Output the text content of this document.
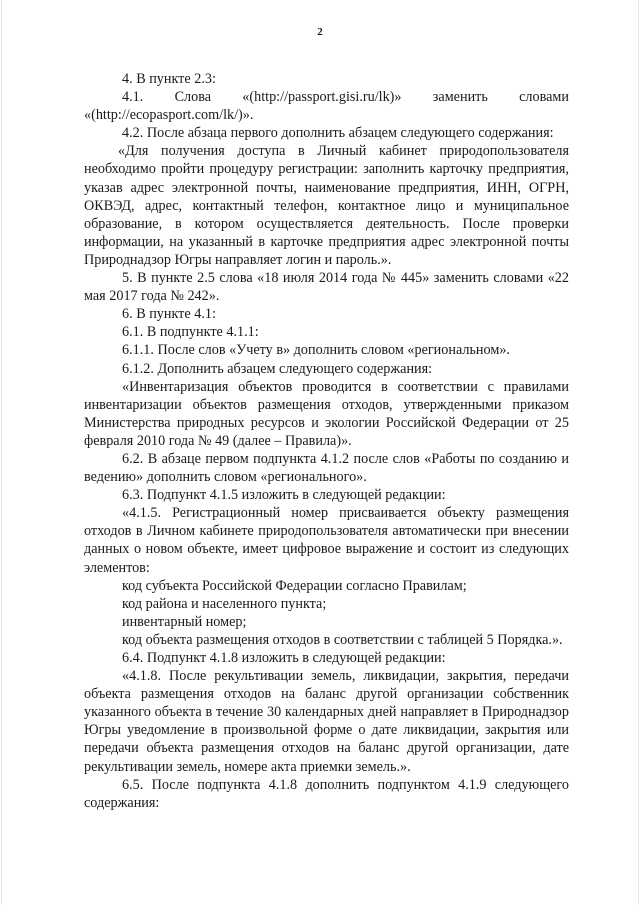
2

4. В пункте 2.3:

4.1. Слова «(http://passport.gisi.ru/lk)» заменить словами

«(http://ecopasport.com/lk/)».

4.2. После абзаца первого дополнить абзацем следующего содержания:

«Для получения доступа в Личный кабинет природопользователя необходимо пройти процедуру регистрации: заполнить карточку предприятия, указав адрес электронной почты, наименование предприятия, ИНН, ОГРН, ОКВЭД, адрес, контактный телефон, контактное лицо и муниципальное образование, в котором осуществляется деятельность. После проверки информации, на указанный в карточке предприятия адрес электронной почты Природнадзор Югры направляет логин и пароль.».

5. В пункте 2.5 слова «18 июля 2014 года № 445» заменить словами «22 мая 2017 года № 242».

6. В пункте 4.1:

6.1. В подпункте 4.1.1:

6.1.1. После слов «Учету в» дополнить словом «региональном».

6.1.2. Дополнить абзацем следующего содержания:

«Инвентаризация объектов проводится в соответствии с правилами инвентаризации объектов размещения отходов, утвержденными приказом Министерства природных ресурсов и экологии Российской Федерации от 25 февраля 2010 года № 49 (далее – Правила)».

6.2. В абзаце первом подпункта 4.1.2 после слов «Работы по созданию и ведению» дополнить словом «регионального».

6.3. Подпункт 4.1.5 изложить в следующей редакции:

«4.1.5. Регистрационный номер присваивается объекту размещения отходов в Личном кабинете природопользователя автоматически при внесении данных о новом объекте, имеет цифровое выражение и состоит из следующих элементов:

код субъекта Российской Федерации согласно Правилам;

код района и населенного пункта;

инвентарный номер;

код объекта размещения отходов в соответствии с таблицей 5 Порядка.».

6.4. Подпункт 4.1.8 изложить в следующей редакции:

«4.1.8. После рекультивации земель, ликвидации, закрытия, передачи объекта размещения отходов на баланс другой организации собственник указанного объекта в течение 30 календарных дней направляет в Природнадзор Югры уведомление в произвольной форме о дате ликвидации, закрытия или передачи объекта размещения отходов на баланс другой организации, дате рекультивации земель, номере акта приемки земель.».

6.5. После подпункта 4.1.8 дополнить подпунктом 4.1.9 следующего содержания:
